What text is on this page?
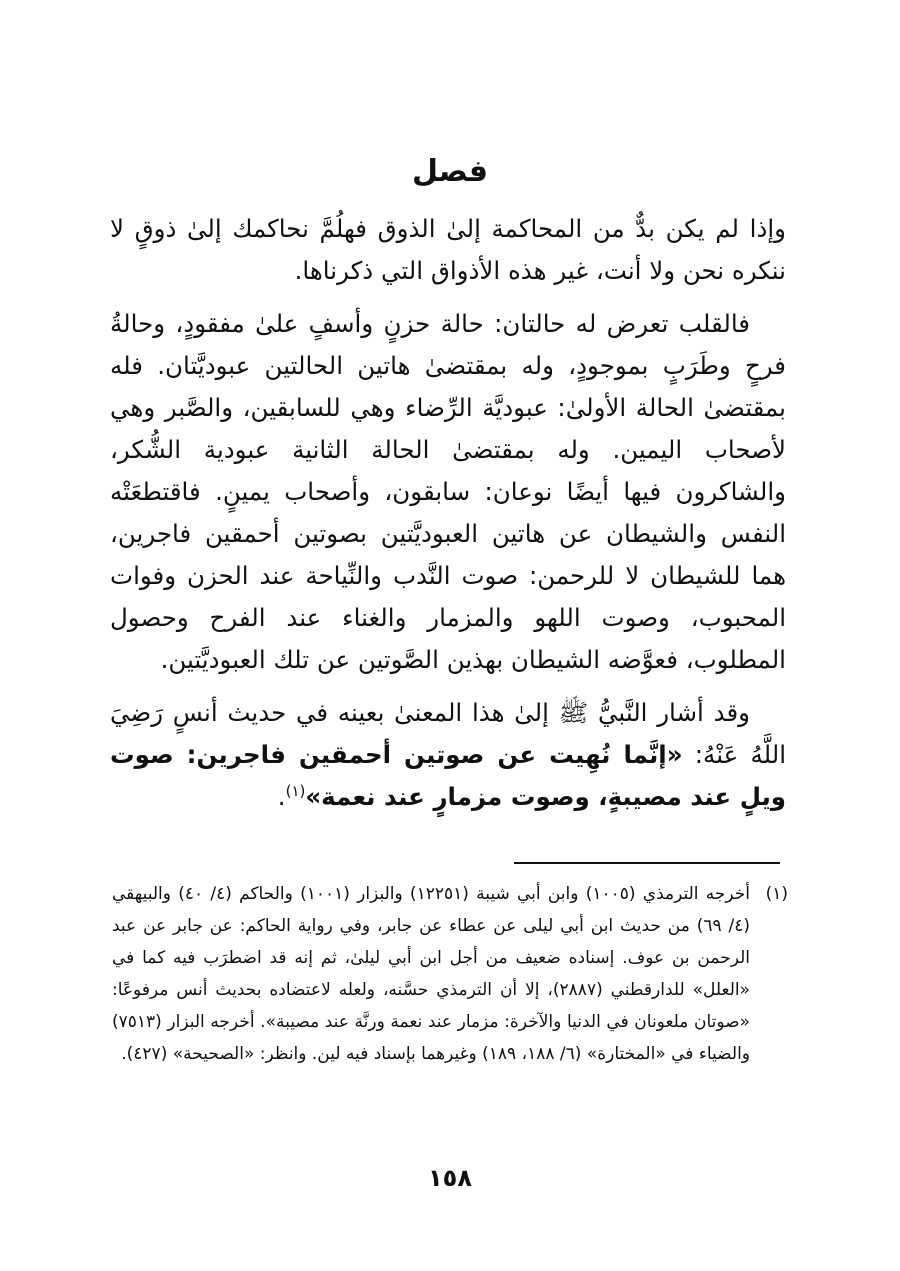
فصل

وإذا لم يكن بدٌّ من المحاكمة إلىٰ الذوق فهلُمَّ نحاكمك إلىٰ ذوقٍ لا ننكره نحن ولا أنت، غير هذه الأذواق التي ذكرناها.

فالقلب تعرض له حالتان: حالة حزنٍ وأسفٍ علىٰ مفقودٍ، وحالةُ فرحٍ وطَرَبٍ بموجودٍ، وله بمقتضىٰ هاتين الحالتين عبوديَّتان. فله بمقتضىٰ الحالة الأولىٰ: عبوديَّة الرِّضاء وهي للسابقين، والصَّبر وهي لأصحاب اليمين. وله بمقتضىٰ الحالة الثانية عبودية الشُّكر، والشاكرون فيها أيضًا نوعان: سابقون، وأصحاب يمينٍ. فاقتطعَتْه النفس والشيطان عن هاتين العبوديَّتين بصوتين أحمقين فاجرين، هما للشيطان لا للرحمن: صوت النَّدب والنِّياحة عند الحزن وفوات المحبوب، وصوت اللهو والمزمار والغناء عند الفرح وحصول المطلوب، فعوَّضه الشيطان بهذين الصَّوتين عن تلك العبوديَّتين.

وقد أشار النَّبيُّ ﷺ إلىٰ هذا المعنىٰ بعينه في حديث أنسٍ رَضِيَ اللَّهُ عَنْهُ: «إنَّما نُهِيت عن صوتين أحمقين فاجرين: صوت ويلٍ عند مصيبةٍ، وصوت مزمارٍ عند نعمة»$^{(١)}$.

(١)
أخرجه الترمذي (١٠٠٥) وابن أبي شيبة (١٢٢٥١) والبزار (١٠٠١) والحاكم (٤/ ٤٠) والبيهقي (٤/ ٦٩) من حديث ابن أبي ليلى عن عطاء عن جابر، وفي رواية الحاكم: عن جابر عن عبد الرحمن بن عوف. إسناده ضعيف من أجل ابن أبي ليلىٰ، ثم إنه قد اضطرَب فيه كما في «العلل» للدارقطني (٢٨٨٧)، إلا أن الترمذي حسَّنه، ولعله لاعتضاده بحديث أنس مرفوعًا: «صوتان ملعونان في الدنيا والآخرة: مزمار عند نعمة ورنَّة عند مصيبة». أخرجه البزار (٧٥١٣) والضياء في «المختارة» (٦/ ١٨٨، ١٨٩) وغيرهما بإسناد فيه لين. وانظر: «الصحيحة» (٤٢٧).
١٥٨
